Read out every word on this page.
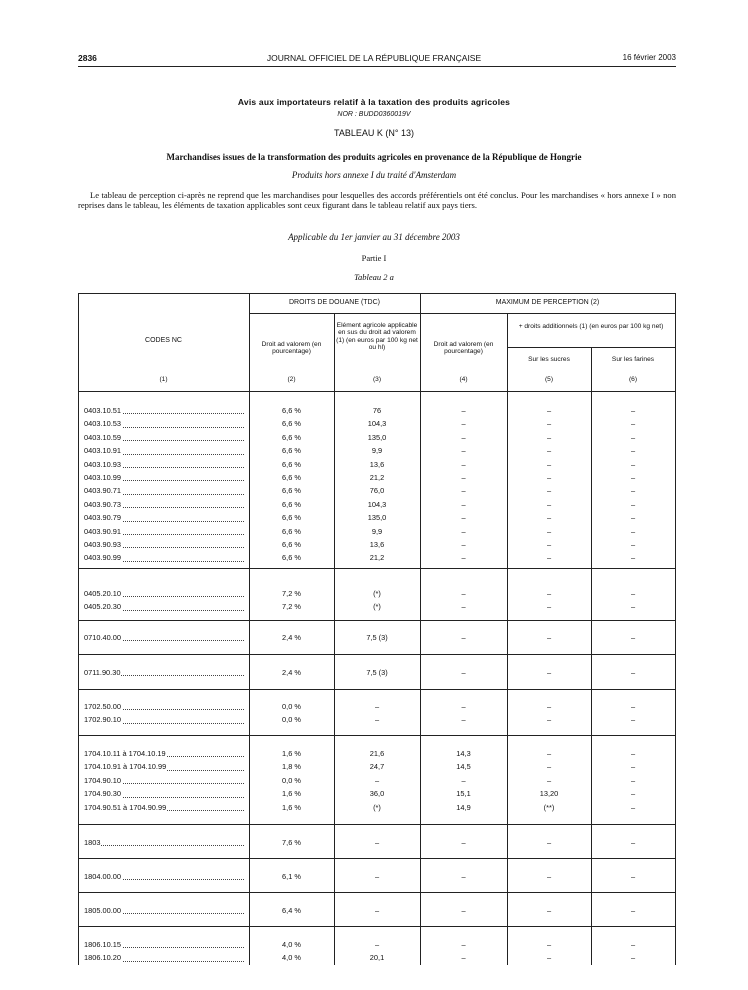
2836	JOURNAL OFFICIEL DE LA RÉPUBLIQUE FRANÇAISE	16 février 2003
Avis aux importateurs relatif à la taxation des produits agricoles
NOR : BUDD0360019V
TABLEAU K (N° 13)
Marchandises issues de la transformation des produits agricoles en provenance de la République de Hongrie
Produits hors annexe I du traité d'Amsterdam
Le tableau de perception ci-après ne reprend que les marchandises pour lesquelles des accords préférentiels ont été conclus. Pour les marchandises « hors annexe I » non reprises dans le tableau, les éléments de taxation applicables sont ceux figurant dans le tableau relatif aux pays tiers.
Applicable du 1er janvier au 31 décembre 2003
Partie I
Tableau 2 a
CODES NC
DROITS DE DOUANE (TDC)	MAXIMUM DE PERCEPTION (2)
Droit ad valorem (en pourcentage)
Elément agricole applicable en sus du droit ad valorem (1) (en euros par 100 kg net ou hl)	Droit ad valorem (en pourcentage)
+ droits additionnels (1) (en euros par 100 kg net)
Sur les sucres	Sur les farines
(1)	(2)	(3)	(4)	(5)	(6)
0403.10.51	6,6 %	76	–	–	–
0403.10.53	6,6 %	104,3	–	–	–
0403.10.59	6,6 %	135,0	–	–	–
0403.10.91	6,6 %	9,9	–	–	–
0403.10.93	6,6 %	13,6	–	–	–
0403.10.99	6,6 %	21,2	–	–	–
0403.90.71	6,6 %	76,0	–	–	–
0403.90.73	6,6 %	104,3	–	–	–
0403.90.79	6,6 %	135,0	–	–	–
0403.90.91	6,6 %	9,9	–	–	–
0403.90.93	6,6 %	13,6	–	–	–
0403.90.99	6,6 %	21,2	–	–	–
0405.20.10	7,2 %	(*)	–	–	–
0405.20.30	7,2 %	(*)	–	–	–
0710.40.00	2,4 %	7,5 (3)	–	–	–
0711.90.30	2,4 %	7,5 (3)	–	–	–
1702.50.00	0,0 %	–	–	–	–
1702.90.10	0,0 %	–	–	–	–
1704.10.11 à 1704.10.19	1,6 %	21,6	14,3	–	–
1704.10.91 à 1704.10.99	1,8 %	24,7	14,5	–	–
1704.90.10	0,0 %	–	–	–	–
1704.90.30	1,6 %	36,0	15,1	13,20	–
1704.90.51 à 1704.90.99	1,6 %	(*)	14,9	(**)	–
1803	7,6 %	–	–	–	–
1804.00.00	6,1 %	–	–	–	–
1805.00.00	6,4 %	–	–	–	–
1806.10.15	4,0 %	–	–	–	–
1806.10.20	4,0 %	20,1	–	–	–
